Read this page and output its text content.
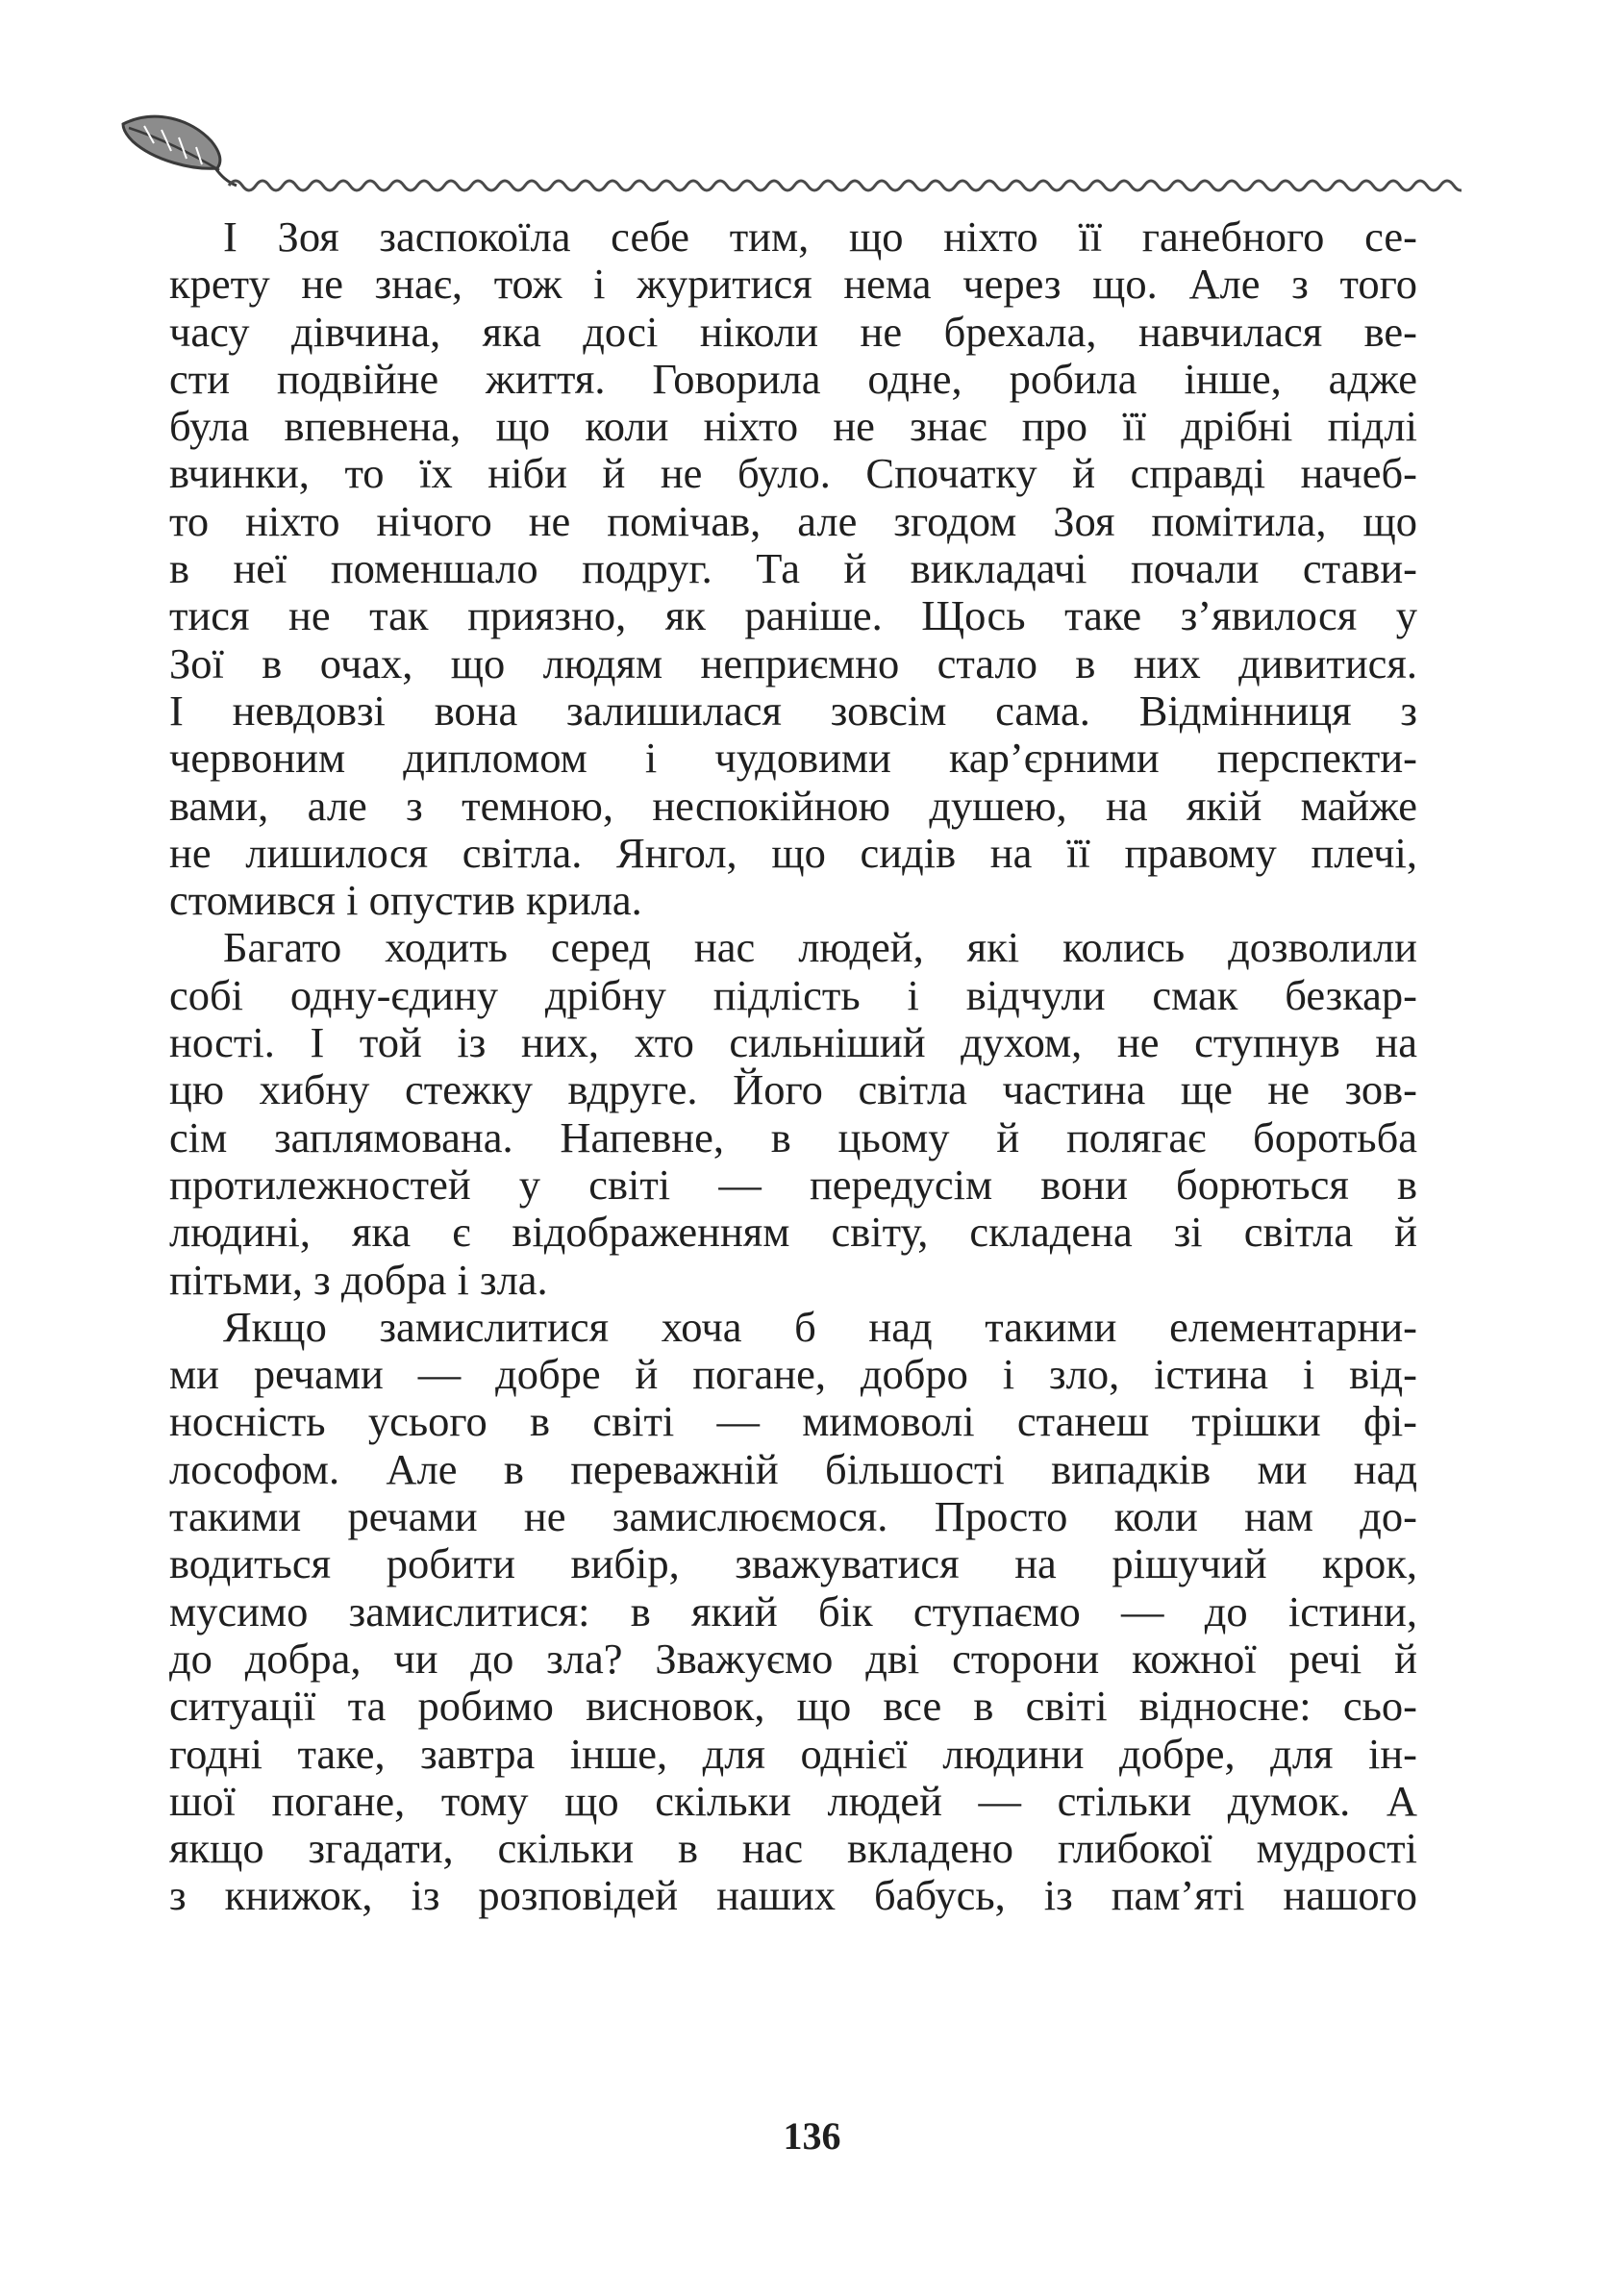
І Зоя заспокоїла себе тим, що ніхто її ганебного се-
крету не знає, тож і журитися нема через що. Але з того
часу дівчина, яка досі ніколи не брехала, навчилася ве-
сти подвійне життя. Говорила одне, робила інше, адже
була впевнена, що коли ніхто не знає про її дрібні підлі
вчинки, то їх ніби й не було. Спочатку й справді начеб-
то ніхто нічого не помічав, але згодом Зоя помітила, що
в неї поменшало подруг. Та й викладачі почали стави-
тися не так приязно, як раніше. Щось таке з’явилося у
Зої в очах, що людям неприємно стало в них дивитися.
І невдовзі вона залишилася зовсім сама. Відмінниця з
червоним дипломом і чудовими кар’єрними перспекти-
вами, але з темною, неспокійною душею, на якій майже
не лишилося світла. Янгол, що сидів на її правому плечі,
стомився і опустив крила.
Багато ходить серед нас людей, які колись дозволили
собі одну-єдину дрібну підлість і відчули смак безкар-
ності. І той із них, хто сильніший духом, не ступнув на
цю хибну стежку вдруге. Його світла частина ще не зов-
сім заплямована. Напевне, в цьому й полягає боротьба
протилежностей у світі — передусім вони борються в
людині, яка є відображенням світу, складена зі світла й
пітьми, з добра і зла.
Якщо замислитися хоча б над такими елементарни-
ми речами — добре й погане, добро і зло, істина і від-
носність усього в світі — мимоволі станеш трішки фі-
лософом. Але в переважній більшості випадків ми над
такими речами не замислюємося. Просто коли нам до-
водиться робити вибір, зважуватися на рішучий крок,
мусимо замислитися: в який бік ступаємо — до істини,
до добра, чи до зла? Зважуємо дві сторони кожної речі й
ситуації та робимо висновок, що все в світі відносне: сьо-
годні таке, завтра інше, для однієї людини добре, для ін-
шої погане, тому що скільки людей — стільки думок. А
якщо згадати, скільки в нас вкладено глибокої мудрості
з книжок, із розповідей наших бабусь, із пам’яті нашого
136
